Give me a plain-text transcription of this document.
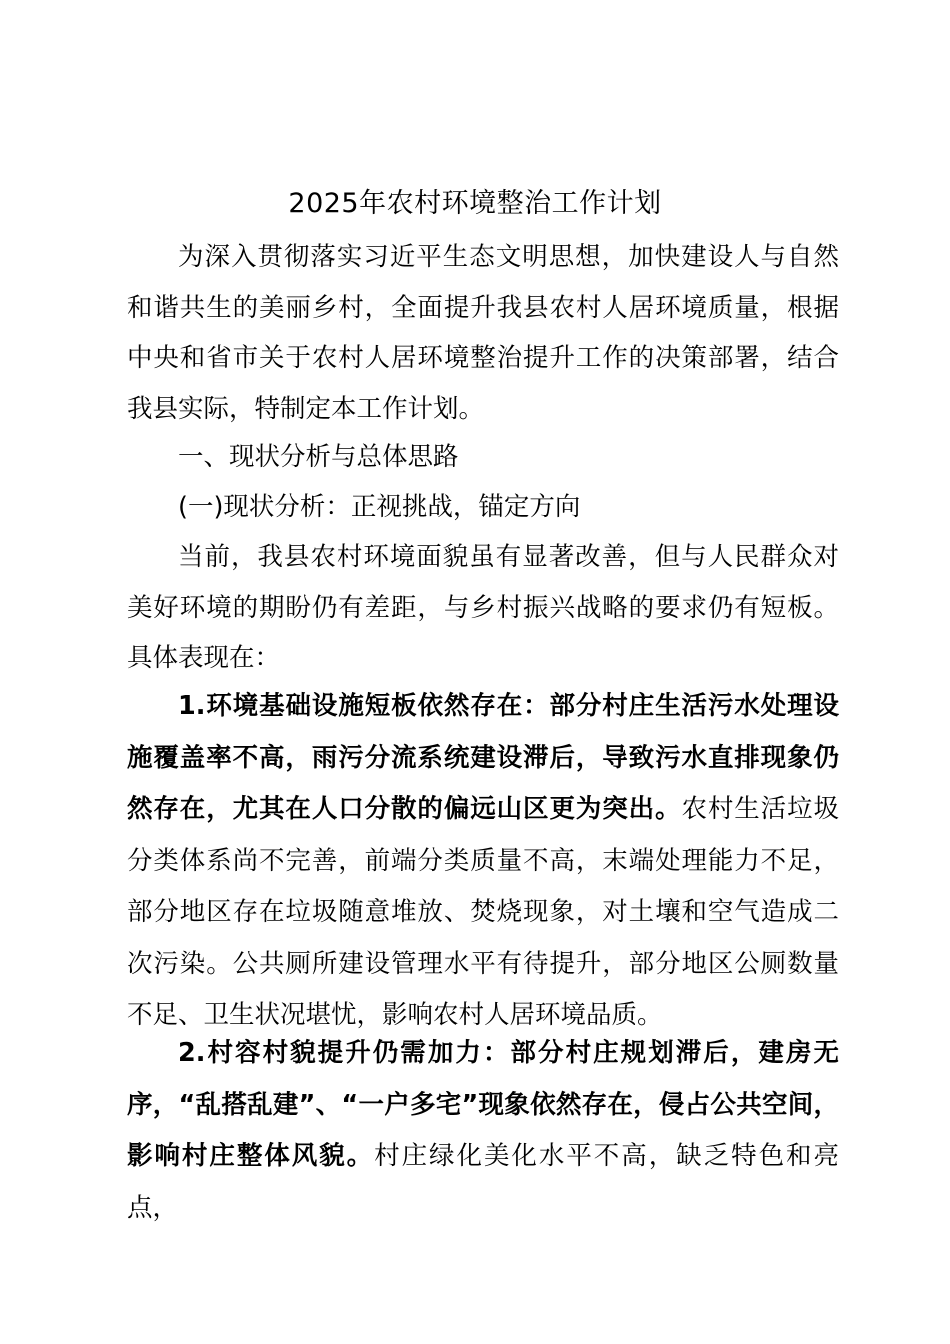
2025年农村环境整治工作计划

为深入贯彻落实习近平生态文明思想，加快建设人与自然和谐共生的美丽乡村，全面提升我县农村人居环境质量，根据中央和省市关于农村人居环境整治提升工作的决策部署，结合我县实际，特制定本工作计划。

一、现状分析与总体思路

(一)现状分析：正视挑战，锚定方向

当前，我县农村环境面貌虽有显著改善，但与人民群众对美好环境的期盼仍有差距，与乡村振兴战略的要求仍有短板。具体表现在：

1.环境基础设施短板依然存在：部分村庄生活污水处理设施覆盖率不高，雨污分流系统建设滞后，导致污水直排现象仍然存在，尤其在人口分散的偏远山区更为突出。农村生活垃圾分类体系尚不完善，前端分类质量不高，末端处理能力不足，部分地区存在垃圾随意堆放、焚烧现象，对土壤和空气造成二次污染。公共厕所建设管理水平有待提升，部分地区公厕数量不足、卫生状况堪忧，影响农村人居环境品质。

2.村容村貌提升仍需加力：部分村庄规划滞后，建房无序，“乱搭乱建”、“一户多宅”现象依然存在，侵占公共空间，影响村庄整体风貌。村庄绿化美化水平不高，缺乏特色和亮点，
